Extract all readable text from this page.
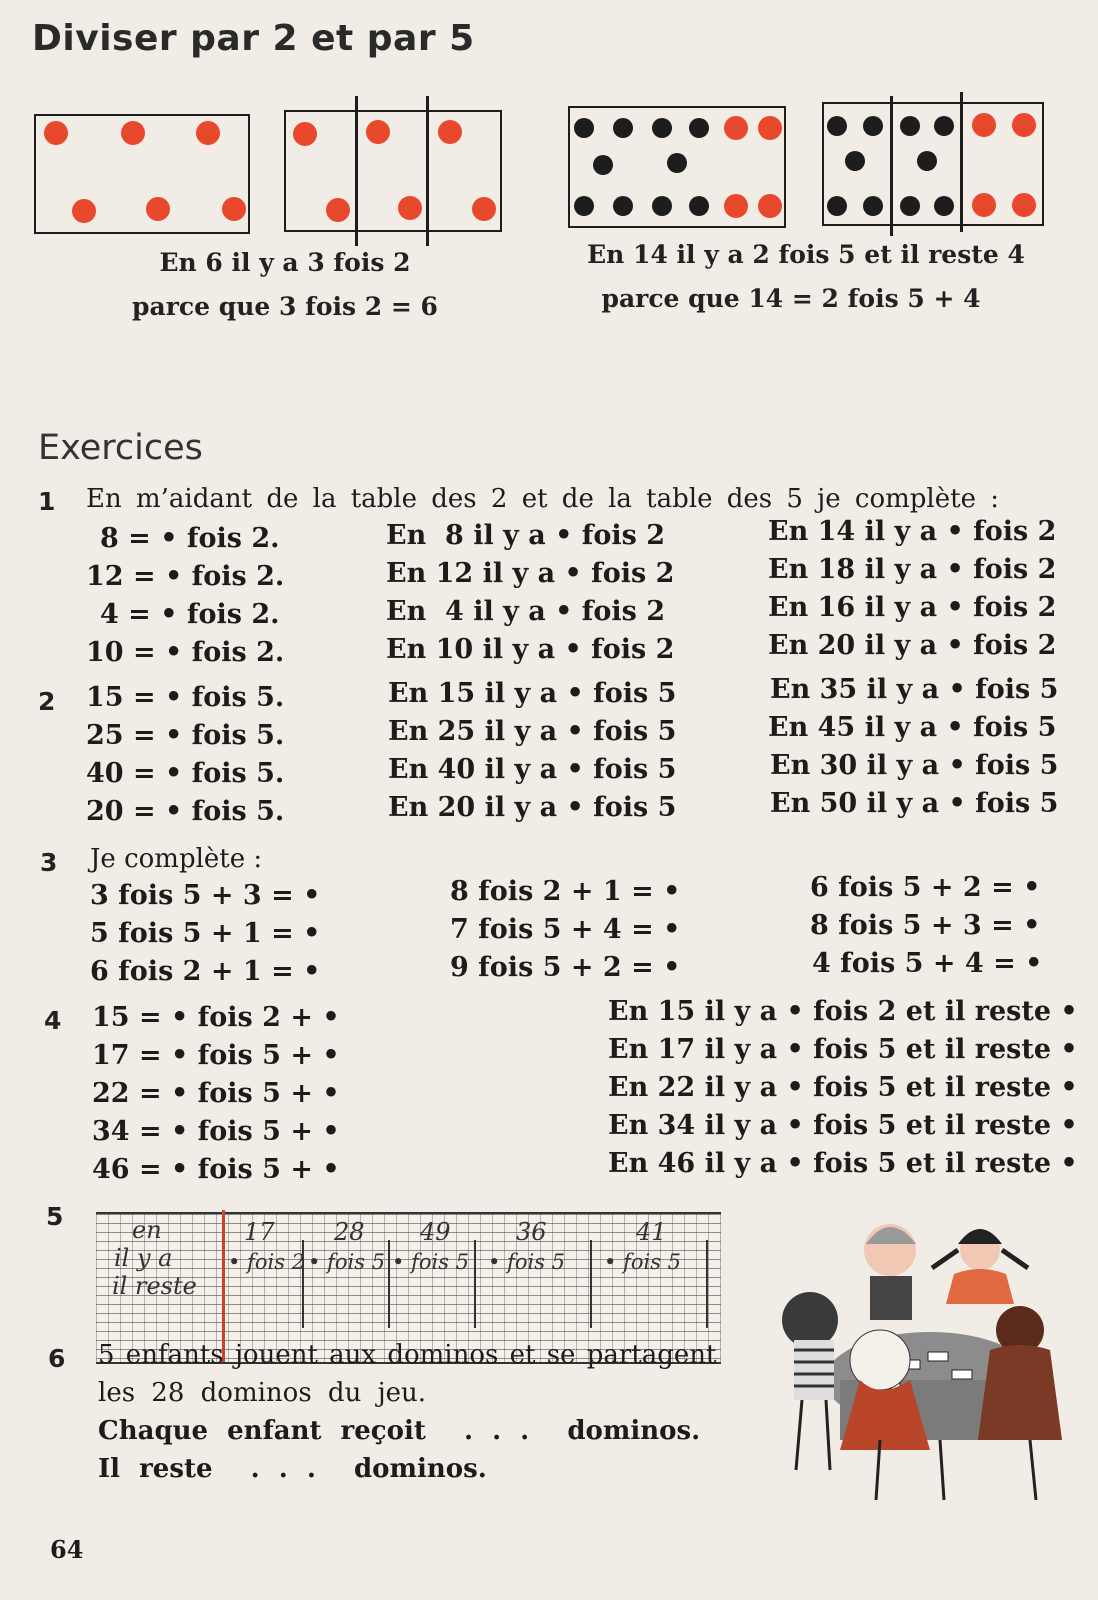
Diviser par 2 et par 5
En 6 il y a 3 fois 2
parce que 3 fois 2 = 6
En 14 il y a 2 fois 5 et il reste 4
parce que 14 = 2 fois 5 + 4
Exercices
1 En m’aidant de la table des 2 et de la table des 5 je complète :
8 = • fois 2.
12 = • fois 2.
4 = • fois 2.
10 = • fois 2.
En  8 il y a • fois 2
En 12 il y a • fois 2
En  4 il y a • fois 2
En 10 il y a • fois 2
En 14 il y a • fois 2
En 18 il y a • fois 2
En 16 il y a • fois 2
En 20 il y a • fois 2
2 15 = • fois 5.
25 = • fois 5.
40 = • fois 5.
20 = • fois 5.
En 15 il y a • fois 5
En 25 il y a • fois 5
En 40 il y a • fois 5
En 20 il y a • fois 5
En 35 il y a • fois 5
En 45 il y a • fois 5
En 30 il y a • fois 5
En 50 il y a • fois 5
3 Je complète :
3 fois 5 + 3 = •
5 fois 5 + 1 = •
6 fois 2 + 1 = •
8 fois 2 + 1 = •
7 fois 5 + 4 = •
9 fois 5 + 2 = •
6 fois 5 + 2 = •
8 fois 5 + 3 = •
4 fois 5 + 4 = •
4 15 = • fois 2 + •
17 = • fois 5 + •
22 = • fois 5 + •
34 = • fois 5 + •
46 = • fois 5 + •
En 15 il y a • fois 2 et il reste •
En 17 il y a • fois 5 et il reste •
En 22 il y a • fois 5 et il reste •
En 34 il y a • fois 5 et il reste •
En 46 il y a • fois 5 et il reste •
5	en
il y a
il reste
17
• fois 2
28
• fois 5
49
• fois 5
36
• fois 5
41
• fois 5
6 5 enfants jouent aux dominos et se partagent
les 28 dominos du jeu.
Chaque enfant reçoit  . . .  dominos.
Il reste  . . .  dominos.
64
